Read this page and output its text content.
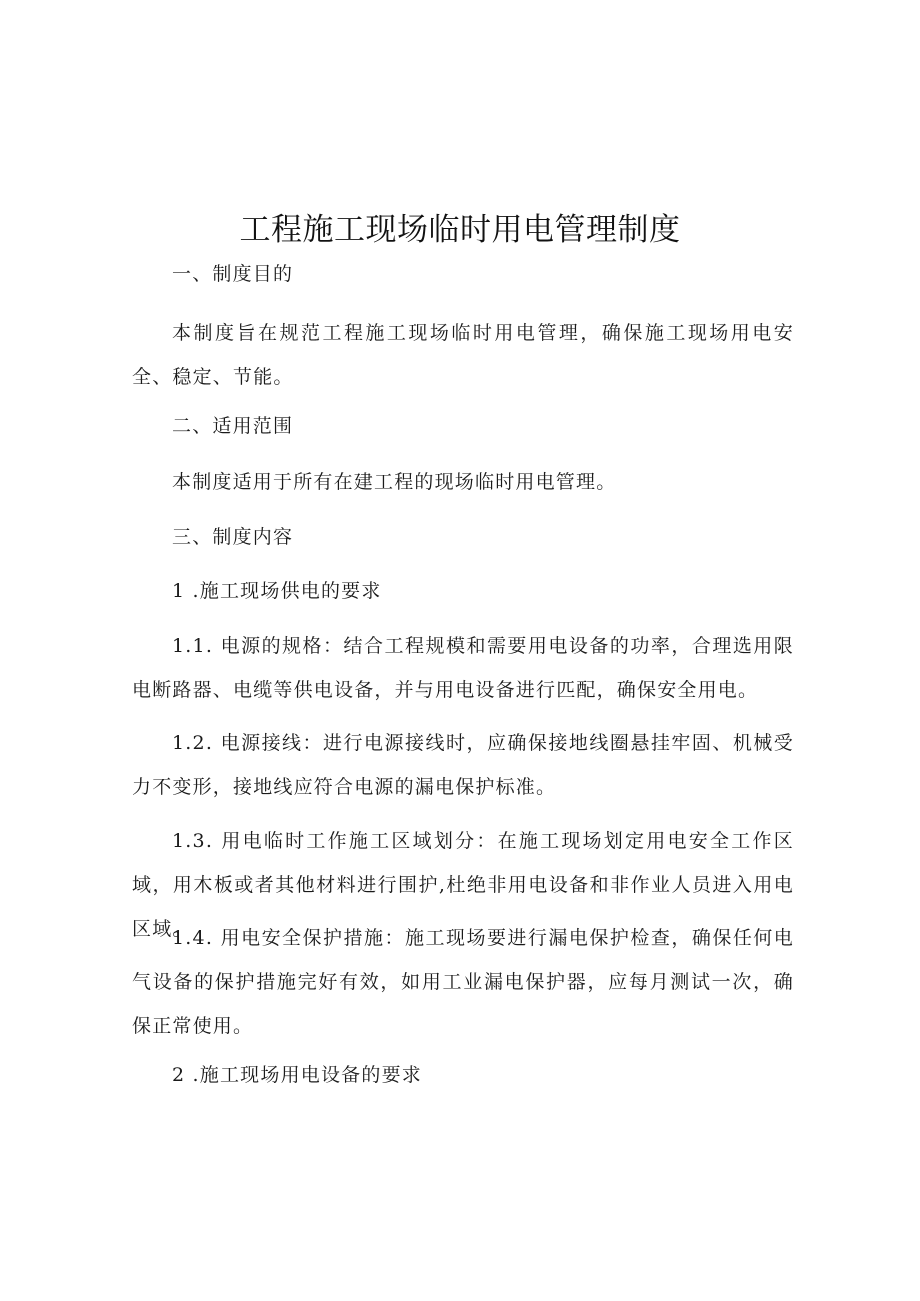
工程施工现场临时用电管理制度
一、制度目的
本制度旨在规范工程施工现场临时用电管理，确保施工现场用电安全、稳定、节能。
二、适用范围
本制度适用于所有在建工程的现场临时用电管理。
三、制度内容
1 .施工现场供电的要求
1.1. 电源的规格：结合工程规模和需要用电设备的功率，合理选用限电断路器、电缆等供电设备，并与用电设备进行匹配，确保安全用电。
1.2. 电源接线：进行电源接线时，应确保接地线圈悬挂牢固、机械受力不变形，接地线应符合电源的漏电保护标准。
1.3. 用电临时工作施工区域划分：在施工现场划定用电安全工作区域，用木板或者其他材料进行围护,杜绝非用电设备和非作业人员进入用电区域。
1.4. 用电安全保护措施：施工现场要进行漏电保护检查，确保任何电气设备的保护措施完好有效，如用工业漏电保护器，应每月测试一次，确保正常使用。
2 .施工现场用电设备的要求
